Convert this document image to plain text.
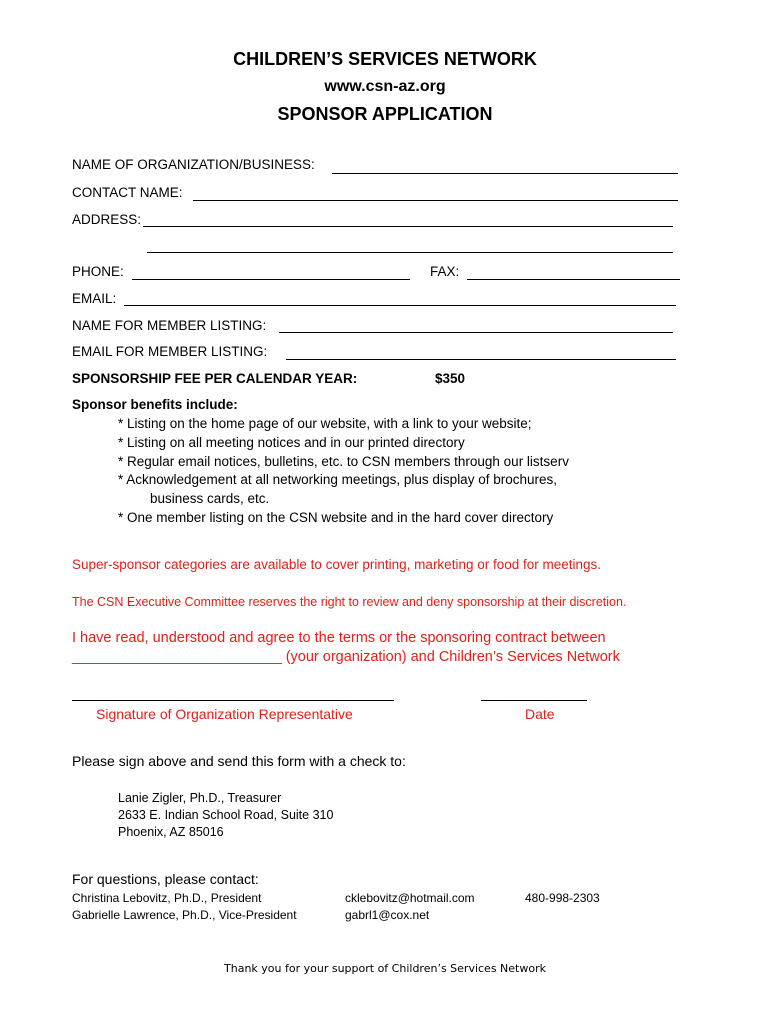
CHILDREN’S SERVICES NETWORK
www.csn-az.org
SPONSOR APPLICATION
NAME OF ORGANIZATION/BUSINESS:
CONTACT NAME:
ADDRESS:
PHONE:	FAX:
EMAIL:
NAME FOR MEMBER LISTING:
EMAIL FOR MEMBER LISTING:
SPONSORSHIP FEE PER CALENDAR YEAR:	$350
Sponsor benefits include:
* Listing on the home page of our website, with a link to your website;
* Listing on all meeting notices and in our printed directory
* Regular email notices, bulletins, etc. to CSN members through our listserv
* Acknowledgement at all networking meetings, plus display of brochures,
business cards, etc.
* One member listing on the CSN website and in the hard cover directory
Super-sponsor categories are available to cover printing, marketing or food for meetings.
The CSN Executive Committee reserves the right to review and deny sponsorship at their discretion.
I have read, understood and agree to the terms or the sponsoring contract between
__________________________ (your organization) and Children’s Services Network
Signature of Organization Representative	Date
Please sign above and send this form with a check to:
Lanie Zigler, Ph.D., Treasurer
2633 E. Indian School Road, Suite 310
Phoenix, AZ 85016
For questions, please contact:
Christina Lebovitz, Ph.D., President	cklebovitz@hotmail.com	480-998-2303
Gabrielle Lawrence, Ph.D., Vice-President	gabrl1@cox.net
Thank you for your support of Children’s Services Network
